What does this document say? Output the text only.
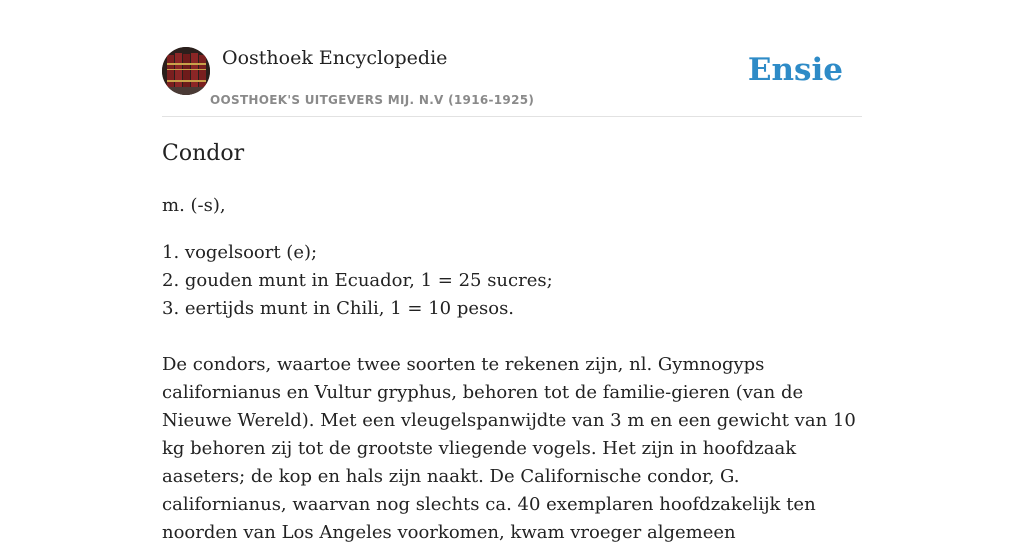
Oosthoek Encyclopedie
OOSTHOEK'S UITGEVERS MIJ. N.V (1916-1925)
Ensie
Condor
m. (-s),
1. vogelsoort (e);
2. gouden munt in Ecuador, 1 = 25 sucres;
3. eertijds munt in Chili, 1 = 10 pesos.

De condors, waartoe twee soorten te rekenen zijn, nl. Gymnogyps californianus en Vultur gryphus, behoren tot de familie-gieren (van de Nieuwe Wereld). Met een vleugelspanwijdte van 3 m en een gewicht van 10 kg behoren zij tot de grootste vliegende vogels. Het zijn in hoofdzaak aaseters; de kop en hals zijn naakt. De Californische condor, G. californianus, waarvan nog slechts ca. 40 exemplaren hoofdzakelijk ten noorden van Los Angeles voorkomen, kwam vroeger algemeen
